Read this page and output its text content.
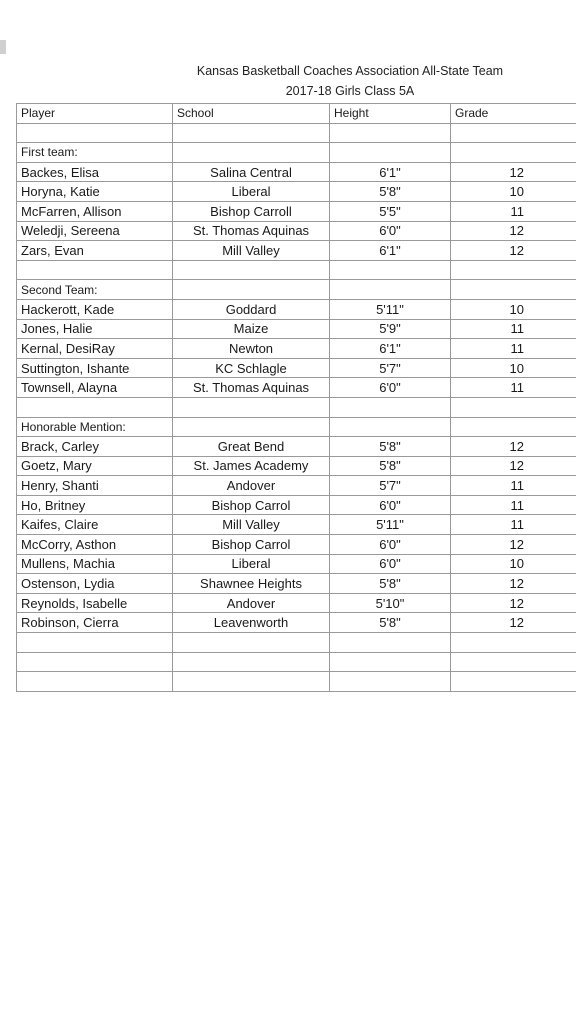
Kansas Basketball Coaches Association All-State Team
2017-18 Girls Class 5A
Player	School	Height	Grade

First team:			
Backes, Elisa	Salina Central	6'1"	12
Horyna, Katie	Liberal	5'8"	10
McFarren, Allison	Bishop Carroll	5'5"	11
Weledji, Sereena	St. Thomas Aquinas	6'0"	12
Zars, Evan	Mill Valley	6'1"	12

Second Team:			
Hackerott, Kade	Goddard	5'11"	10
Jones, Halie	Maize	5'9"	11
Kernal, DesiRay	Newton	6'1"	11
Suttington, Ishante	KC Schlagle	5'7"	10
Townsell, Alayna	St. Thomas Aquinas	6'0"	11

Honorable Mention:			
Brack, Carley	Great Bend	5'8"	12
Goetz, Mary	St. James Academy	5'8"	12
Henry, Shanti	Andover	5'7"	11
Ho, Britney	Bishop Carrol	6'0"	11
Kaifes, Claire	Mill Valley	5'11"	11
McCorry, Asthon	Bishop Carrol	6'0"	12
Mullens, Machia	Liberal	6'0"	10
Ostenson, Lydia	Shawnee Heights	5'8"	12
Reynolds, Isabelle	Andover	5'10"	12
Robinson, Cierra	Leavenworth	5'8"	12
